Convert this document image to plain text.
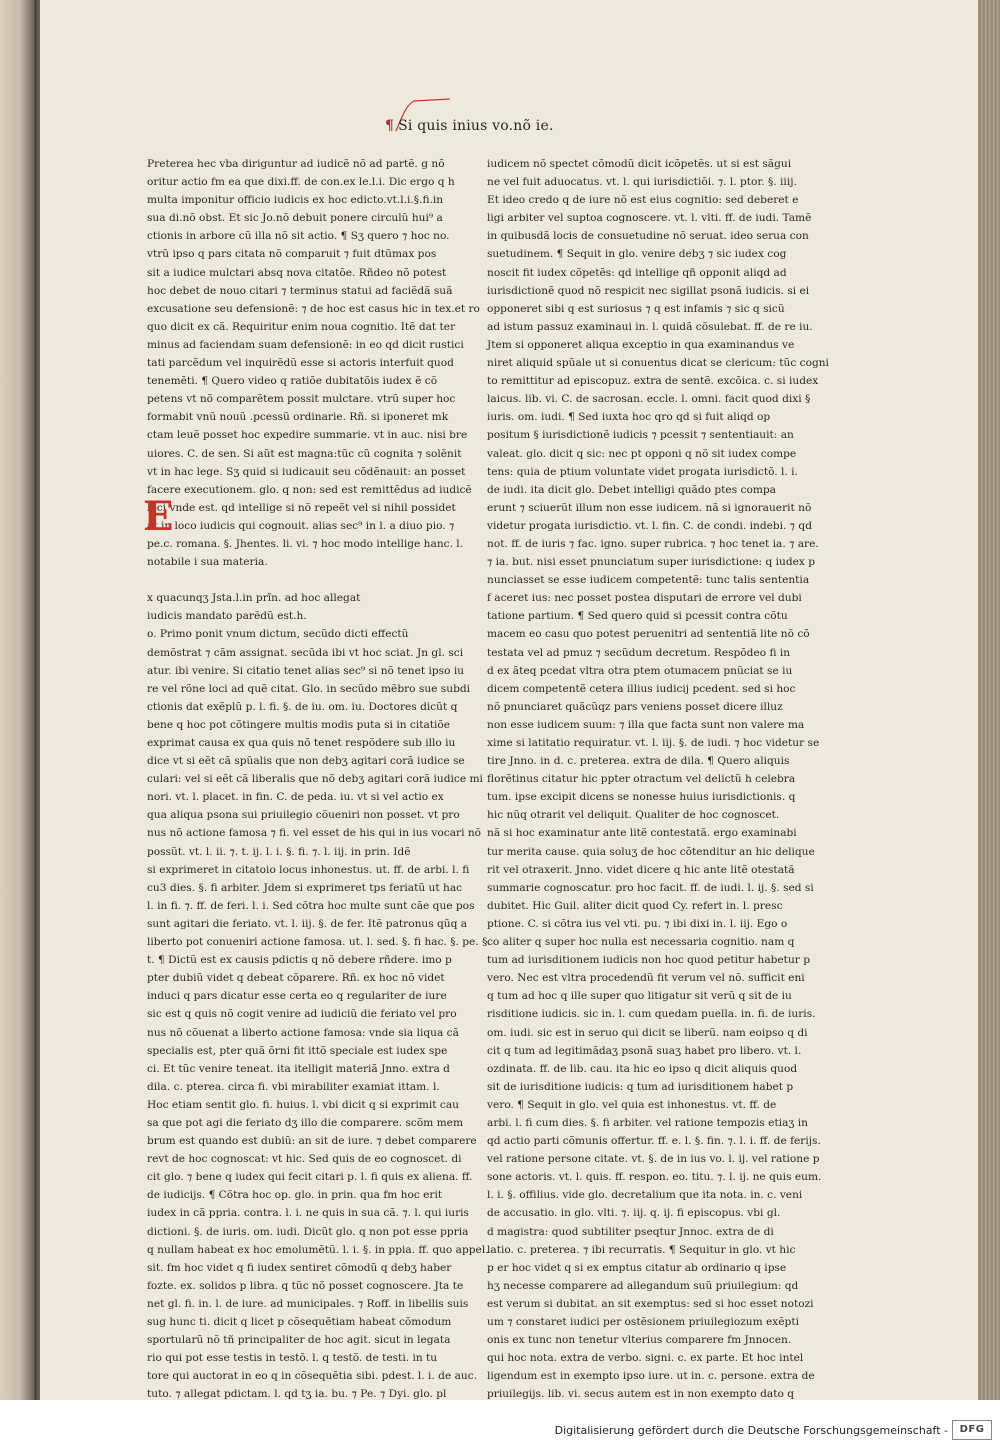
¶ Si quis inius vo.nõ ie.
Preterea hec vba diriguntur ad iudicẽ nõ ad partẽ. g nõ
oritur actio fm ea que dixi.ff. de con.ex le.l.i. Dic ergo q h
multa imponitur officio iudicis ex hoc edicto.vt.l.i.§.fi.in
sua di.nõ obst. Et sic Jo.nõ debuit ponere circulũ hui⁹ a
ctionis in arbore cũ illa nõ sit actio. ¶ Sʒ quero ⁊ hoc no.
vtrũ ipso q pars citata nõ comparuit ⁊ fuit dtũmax pos
sit a iudice mulctari absq nova citatõe. Rñdeo nõ potest
hoc debet de nouo citari ⁊ terminus statui ad faciẽdã suã
excusatione seu defensionẽ: ⁊ de hoc est casus hic in tex.et ro
quo dicit ex cã. Requiritur enim noua cognitio. Itẽ dat ter
minus ad faciendam suam defensionẽ: in eo qd dicit rustici
tati parcẽdum vel inquirẽdũ esse si actoris interfuit quod
tenemẽti. ¶ Quero video q ratiõe dubitatõis iudex ẽ cõ
petens vt nõ comparẽtem possit mulctare. vtrũ super hoc
formabit vnũ nouũ .pcessũ ordinarie. Rñ. si iponeret mk
ctam leuẽ posset hoc expedire summarie. vt in auc. nisi bre
uiores. C. de sen. Si aũt est magna:tũc cũ cognita ⁊ solẽnit
vt in hac lege. Sʒ quid si iudicauit seu cõdẽnauit: an posset
facere executionem. glo. q non: sed est remittẽdus ad iudicẽ
loci vnde est. qd intellige si nõ repeẽt vel si nihil possidet
at in loco iudicis qui cognouit. alias sec⁹ in l. a diuo pio. ⁊
pe.c. romana. §. Jhentes. li. vi. ⁊ hoc modo intellige hanc. l.
notabile i sua materia.
x quacunqʒ Jsta.l.in prĩn. ad hoc allegat
iudicis mandato parẽdũ est.h.
o. Primo ponit vnum dictum, secũdo dicti effectũ
demõstrat ⁊ cãm assignat. secũda ibi vt hoc sciat. Jn gl. sci
atur. ibi venire. Si citatio tenet alias sec⁹ si nõ tenet ipso iu
re vel rõne loci ad quẽ citat. Glo. in secũdo mẽbro sue subdi
ctionis dat exẽplũ p. l. fi. §. de iu. om. iu. Doctores dicũt q
bene q hoc pot cõtingere multis modis puta si in citatiõe
exprimat causa ex qua quis nõ tenet respõdere sub illo iu
dice vt si eẽt cã spũalis que non debʒ agitari corã iudice se
culari: vel si eẽt cã liberalis que nõ debʒ agitari corã iudice mi
nori. vt. l. placet. in fin. C. de peda. iu. vt si vel actio ex
qua aliqua psona sui priuilegio cõueniri non posset. vt pro
nus nõ actione famosa ⁊ fi. vel esset de his qui in ius vocari nõ
possũt. vt. l. ii. ⁊. t. ij. l. i. §. fi. ⁊. l. iij. in prin. Idẽ
si exprimeret in citatoio locus inhonestus. ut. ff. de arbi. l. fi
cu3 dies. §. fi arbiter. Jdem si exprimeret tps feriatũ ut hac
l. in fi. ⁊. ff. de feri. l. i. Sed cõtra hoc multe sunt cãe que pos
sunt agitari die feriato. vt. l. iij. §. de fer. Itẽ patronus qũq a
liberto pot conueniri actione famosa. ut. l. sed. §. fi hac. §. pe. §.
t. ¶ Dictũ est ex causis pdictis q nõ debere rñdere. imo p
pter dubiũ videt q debeat cõparere. Rñ. ex hoc nõ videt
induci q pars dicatur esse certa eo q regulariter de iure
sic est q quis nõ cogit venire ad iudiciũ die feriato vel pro
nus nõ cõuenat a liberto actione famosa: vnde sia liqua cã
specialis est, pter quã õrni fit ittõ speciale est iudex spe
ci. Et tũc venire teneat. ita itelligit materiã Jnno. extra d
dila. c. pterea. circa fi. vbi mirabiliter examiat ittam. l.
Hoc etiam sentit glo. fi. huius. l. vbi dicit q si exprimit cau
sa que pot agi die feriato dʒ illo die comparere. scõm mem
brum est quando est dubiũ: an sit de iure. ⁊ debet comparere
revt de hoc cognoscat: vt hic. Sed quis de eo cognoscet. di
cit glo. ⁊ bene q iudex qui fecit citari p. l. fi quis ex aliena. ff.
de iudicijs. ¶ Cõtra hoc op. glo. in prin. qua fm hoc erit
iudex in cã ppria. contra. l. i. ne quis in sua cã. ⁊. l. qui iuris
dictioni. §. de iuris. om. iudi. Dicũt glo. q non pot esse ppria
q nullam habeat ex hoc emolumẽtũ. l. i. §. in ppia. ff. quo appel.
sit. fm hoc videt q fi iudex sentiret cõmodũ q debʒ haber
fozte. ex. solidos p libra. q tũc nõ posset cognoscere. Jta te
net gl. fi. in. l. de iure. ad municipales. ⁊ Roff. in libellis suis
sug hunc ti. dicit q licet p cõsequẽtiam habeat cõmodum
sportularũ nõ tñ principaliter de hoc agit. sicut in legata
rio qui pot esse testis in testõ. l. q testõ. de testi. in tu
tore qui auctorat in eo q in cõsequẽtia sibi. pdest. l. i. de auc.
tuto. ⁊ allegat pdictam. l. qd tʒ ia. bu. ⁊ Pe. ⁊ Dyi. glo. pl
iudicem nõ spectet cõmodũ dicit icõpetẽs. ut si est sãgui
ne vel fuit aduocatus. vt. l. qui iurisdictiõi. ⁊. l. ptor. §. iiij.
Et ideo credo q de iure nõ est eius cognitio: sed deberet e
ligi arbiter vel suptoa cognoscere. vt. l. vlti. ff. de iudi. Tamẽ
in quibusdã locis de consuetudine nõ seruat. ideo serua con
suetudinem. ¶ Sequit in glo. venire debʒ ⁊ sic iudex cog
noscit fit iudex cõpetẽs: qd intellige qñ opponit aliqd ad
iurisdictionẽ quod nõ respicit nec sigillat psonã iudicis. si ei
opponeret sibi q est suriosus ⁊ q est infamis ⁊ sic q sicũ
ad istum passuz examinaui in. l. quidã cõsulebat. ff. de re iu.
Jtem si opponeret aliqua exceptio in qua examinandus ve
niret aliquid spũale ut si conuentus dicat se clericum: tũc cogni
to remittitur ad episcopuz. extra de sentẽ. excõica. c. si iudex
laicus. lib. vi. C. de sacrosan. eccle. l. omni. facit quod dixi §
iuris. om. iudi. ¶ Sed iuxta hoc qro qd si fuit aliqd op
positum § iurisdictionẽ iudicis ⁊ pcessit ⁊ sententiauit: an
valeat. glo. dicit q sic: nec pt opponi q nõ sit iudex compe
tens: quia de ptium voluntate videt progata iurisdictõ. l. i.
de iudi. ita dicit glo. Debet intelligi quãdo ptes compa
erunt ⁊ sciuerũt illum non esse iudicem. nã si ignorauerit nõ
videtur progata iurisdictio. vt. l. fin. C. de condi. indebi. ⁊ qd
not. ff. de iuris ⁊ fac. igno. super rubrica. ⁊ hoc tenet ia. ⁊ are.
⁊ ia. but. nisi esset pnunciatum super iurisdictione: q iudex p
nunciasset se esse iudicem competentẽ: tunc talis sententia
f aceret ius: nec posset postea disputari de errore vel dubi
tatione partium. ¶ Sed quero quid si pcessit contra cõtu
macem eo casu quo potest peruenitri ad sententiã lite nõ cõ
testata vel ad pmuz ⁊ secũdum decretum. Respõdeo fi in
d ex ãteq pcedat vltra otra ptem otumacem pnũciat se iu
dicem competentẽ cetera illius iudicij pcedent. sed si hoc
nõ pnunciaret quãcũqz pars veniens posset dicere illuz
non esse iudicem suum: ⁊ illa que facta sunt non valere ma
xime si latitatio requiratur. vt. l. iij. §. de iudi. ⁊ hoc videtur se
tire Jnno. in d. c. preterea. extra de dila. ¶ Quero aliquis
florẽtinus citatur hic ppter otractum vel delictũ h celebra
tum. ipse excipit dicens se nonesse huius iurisdictionis. q
hic nũq otrarit vel deliquit. Qualiter de hoc cognoscet.
nã si hoc examinatur ante litẽ contestatã. ergo examinabi
tur merita cause. quia soluʒ de hoc cõtenditur an hic delique
rit vel otraxerit. Jnno. videt dicere q hic ante litẽ otestatã
summarie cognoscatur. pro hoc facit. ff. de iudi. l. ij. §. sed si
dubitet. Hic Guil. aliter dicit quod Cy. refert in. l. presc
ptione. C. si cõtra ius vel vti. pu. ⁊ ibi dixi in. l. iij. Ego o
co aliter q super hoc nulla est necessaria cognitio. nam q
tum ad iurisditionem iudicis non hoc quod petitur habetur p
vero. Nec est vltra procedendũ fit verum vel nõ. sufficit eni
q tum ad hoc q ille super quo litigatur sit verũ q sit de iu
risditione iudicis. sic in. l. cum quedam puella. in. fi. de iuris.
om. iudi. sic est in seruo qui dicit se liberũ. nam eoipso q di
cit q tum ad legitimãdaʒ psonã suaʒ habet pro libero. vt. l.
ozdinata. ff. de lib. cau. ita hic eo ipso q dicit aliquis quod
sit de iurisditione iudicis: q tum ad iurisditionem habet p
vero. ¶ Sequit in glo. vel quia est inhonestus. vt. ff. de
arbi. l. fi cum dies. §. fi arbiter. vel ratione tempozis etiaʒ in
qd actio parti cõmunis offertur. ff. e. l. §. fin. ⁊. l. i. ff. de ferijs.
vel ratione persone citate. vt. §. de in ius vo. l. ij. vel ratione p
sone actoris. vt. l. quis. ff. respon. eo. titu. ⁊. l. ij. ne quis eum.
l. i. §. offilius. vide glo. decretalium que ita nota. in. c. veni
de accusatio. in glo. vlti. ⁊. iij. q. ij. fi episcopus. vbi gl.
d magistra: quod subtiliter pseqtur Jnnoc. extra de di
latio. c. preterea. ⁊ ibi recurratis. ¶ Sequitur in glo. vt hic
p er hoc videt q si ex emptus citatur ab ordinario q ipse
hʒ necesse comparere ad allegandum suũ priuilegium: qd
est verum si dubitat. an sit exemptus: sed si hoc esset notozi
um ⁊ constaret iudici per ostẽsionem priuilegiozum exẽpti
onis ex tunc non tenetur vlterius comparere fm Jnnocen.
qui hoc nota. extra de verbo. signi. c. ex parte. Et hoc intel
ligendum est in exempto ipso iure. ut in. c. persone. extra de
priuilegijs. lib. vi. secus autem est in non exempto dato q
E
Digitalisierung gefördert durch die Deutsche Forschungsgemeinschaft -	DFG
